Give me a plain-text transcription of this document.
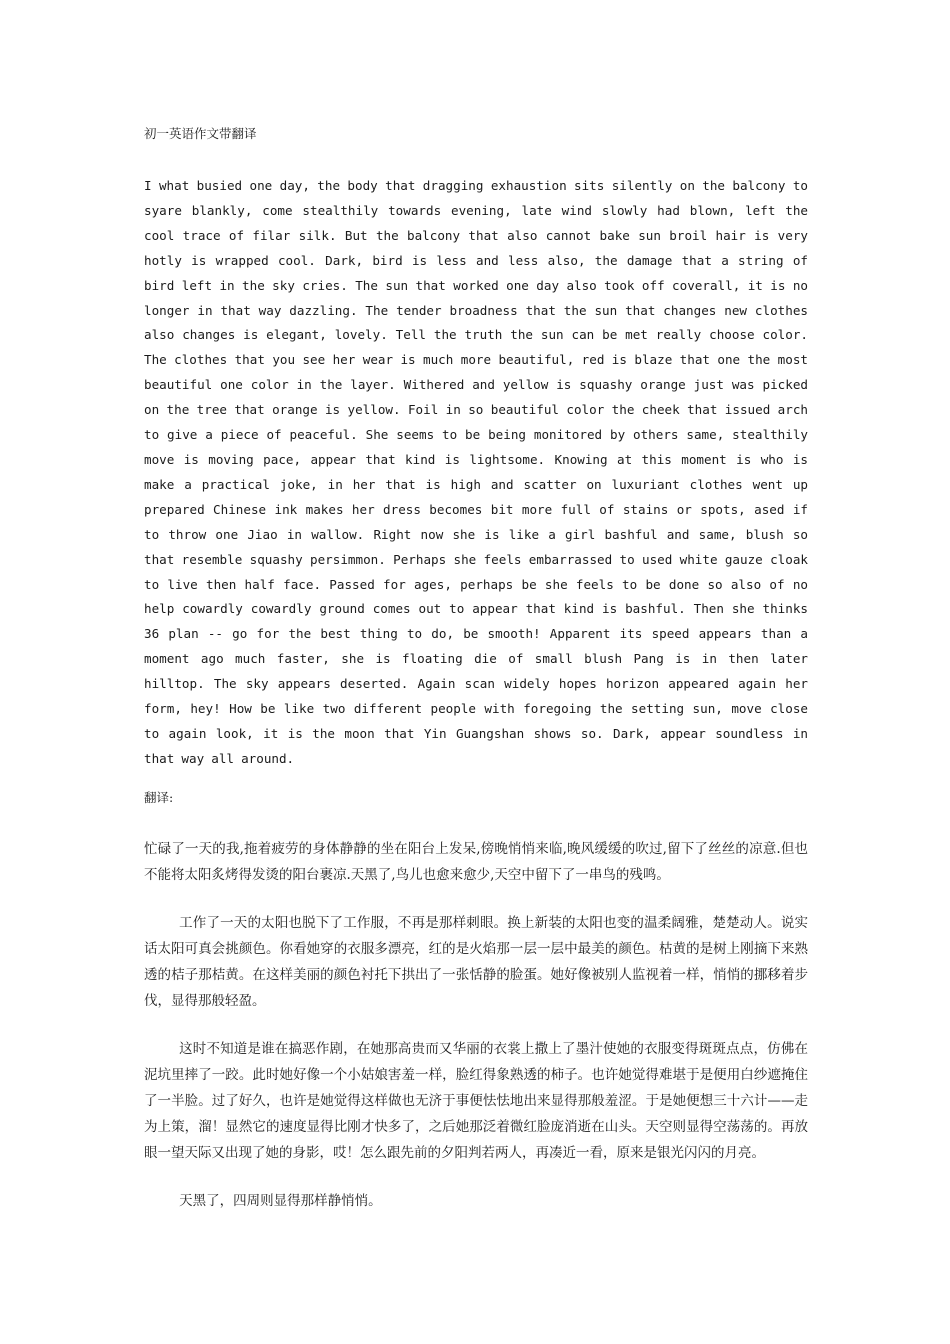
初一英语作文带翻译

I what busied one day, the body that dragging exhaustion sits silently on the balcony to syare blankly, come stealthily towards evening, late wind slowly had blown, left the cool trace of filar silk. But the balcony that also cannot bake sun broil hair is very hotly is wrapped cool. Dark, bird is less and less also, the damage that a string of bird left in the sky cries. The sun that worked one day also took off coverall, it is no longer in that way dazzling. The tender broadness that the sun that changes new clothes also changes is elegant, lovely. Tell the truth the sun can be met really choose color. The clothes that you see her wear is much more beautiful, red is blaze that one the most beautiful one color in the layer. Withered and yellow is squashy orange just was picked on the tree that orange is yellow. Foil in so beautiful color the cheek that issued arch to give a piece of peaceful. She seems to be being monitored by others same, stealthily move is moving pace, appear that kind is lightsome. Knowing at this moment is who is make a practical joke, in her that is high and scatter on luxuriant clothes went up prepared Chinese ink makes her dress becomes bit more full of stains or spots, ased if to throw one Jiao in wallow. Right now she is like a girl bashful and same, blush so that resemble squashy persimmon. Perhaps she feels embarrassed to used white gauze cloak to live then half face. Passed for ages, perhaps be she feels to be done so also of no help cowardly cowardly ground comes out to appear that kind is bashful. Then she thinks 36 plan -- go for the best thing to do, be smooth! Apparent its speed appears than a moment ago much faster, she is floating die of small blush Pang is in then later hilltop. The sky appears deserted. Again scan widely hopes horizon appeared again her form, hey! How be like two different people with foregoing the setting sun, move close to again look, it is the moon that Yin Guangshan shows so. Dark, appear soundless in that way all around.

翻译:

忙碌了一天的我,拖着疲劳的身体静静的坐在阳台上发呆,傍晚悄悄来临,晚风缓缓的吹过,留下了丝丝的凉意.但也不能将太阳炙烤得发烫的阳台裹凉.天黑了,鸟儿也愈来愈少,天空中留下了一串鸟的残鸣。

工作了一天的太阳也脱下了工作服，不再是那样刺眼。换上新装的太阳也变的温柔阔雅，楚楚动人。说实话太阳可真会挑颜色。你看她穿的衣服多漂亮，红的是火焰那一层一层中最美的颜色。枯黄的是树上刚摘下来熟透的桔子那桔黄。在这样美丽的颜色衬托下拱出了一张恬静的脸蛋。她好像被别人监视着一样，悄悄的挪移着步伐，显得那般轻盈。

这时不知道是谁在搞恶作剧，在她那高贵而又华丽的衣裳上撒上了墨汁使她的衣服变得斑斑点点，仿佛在泥坑里摔了一跤。此时她好像一个小姑娘害羞一样，脸红得象熟透的柿子。也许她觉得难堪于是便用白纱遮掩住了一半脸。过了好久，也许是她觉得这样做也无济于事便怯怯地出来显得那般羞涩。于是她便想三十六计——走为上策，溜！显然它的速度显得比刚才快多了，之后她那泛着微红脸庞消逝在山头。天空则显得空荡荡的。再放眼一望天际又出现了她的身影，哎！怎么跟先前的夕阳判若两人，再凑近一看，原来是银光闪闪的月亮。

天黑了，四周则显得那样静悄悄。
